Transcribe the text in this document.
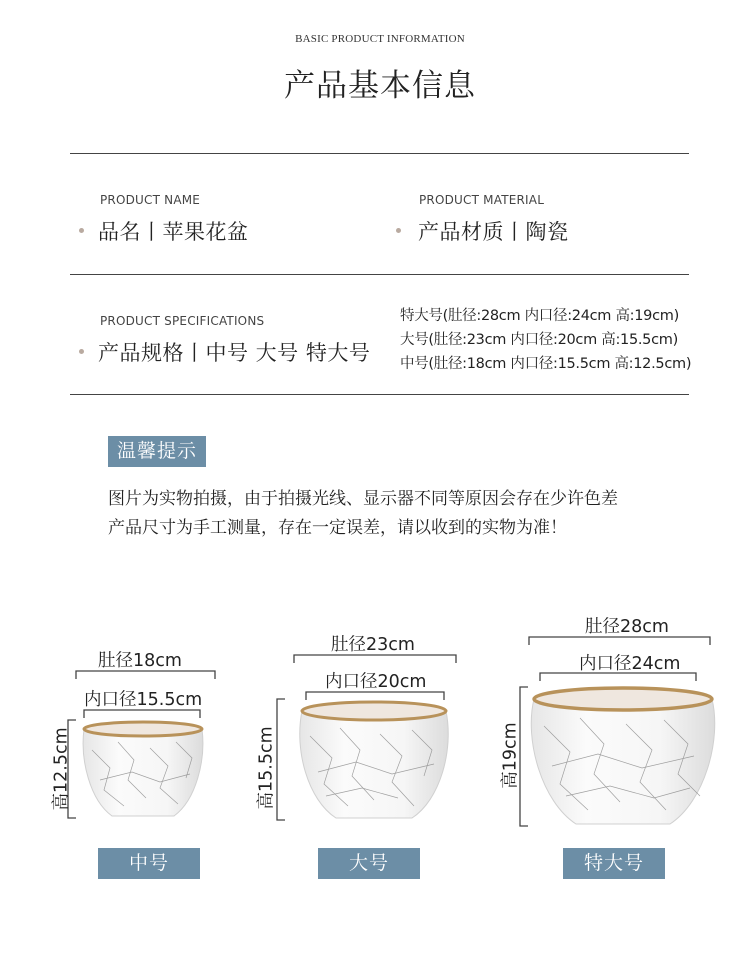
BASIC PRODUCT INFORMATION
产品基本信息
PRODUCT NAME
品名丨苹果花盆
PRODUCT MATERIAL
产品材质丨陶瓷
PRODUCT SPECIFICATIONS
产品规格丨中号 大号 特大号
特大号(肚径:28cm 内口径:24cm 高:19cm)
大号(肚径:23cm 内口径:20cm 高:15.5cm)
中号(肚径:18cm 内口径:15.5cm 高:12.5cm)
温馨提示
图片为实物拍摄，由于拍摄光线、显示器不同等原因会存在少许色差
产品尺寸为手工测量，存在一定误差，请以收到的实物为准！
肚径18cm
内口径15.5cm
高12.5cm
肚径23cm
内口径20cm
高15.5cm
肚径28cm
内口径24cm
高19cm
中号	大号	特大号
